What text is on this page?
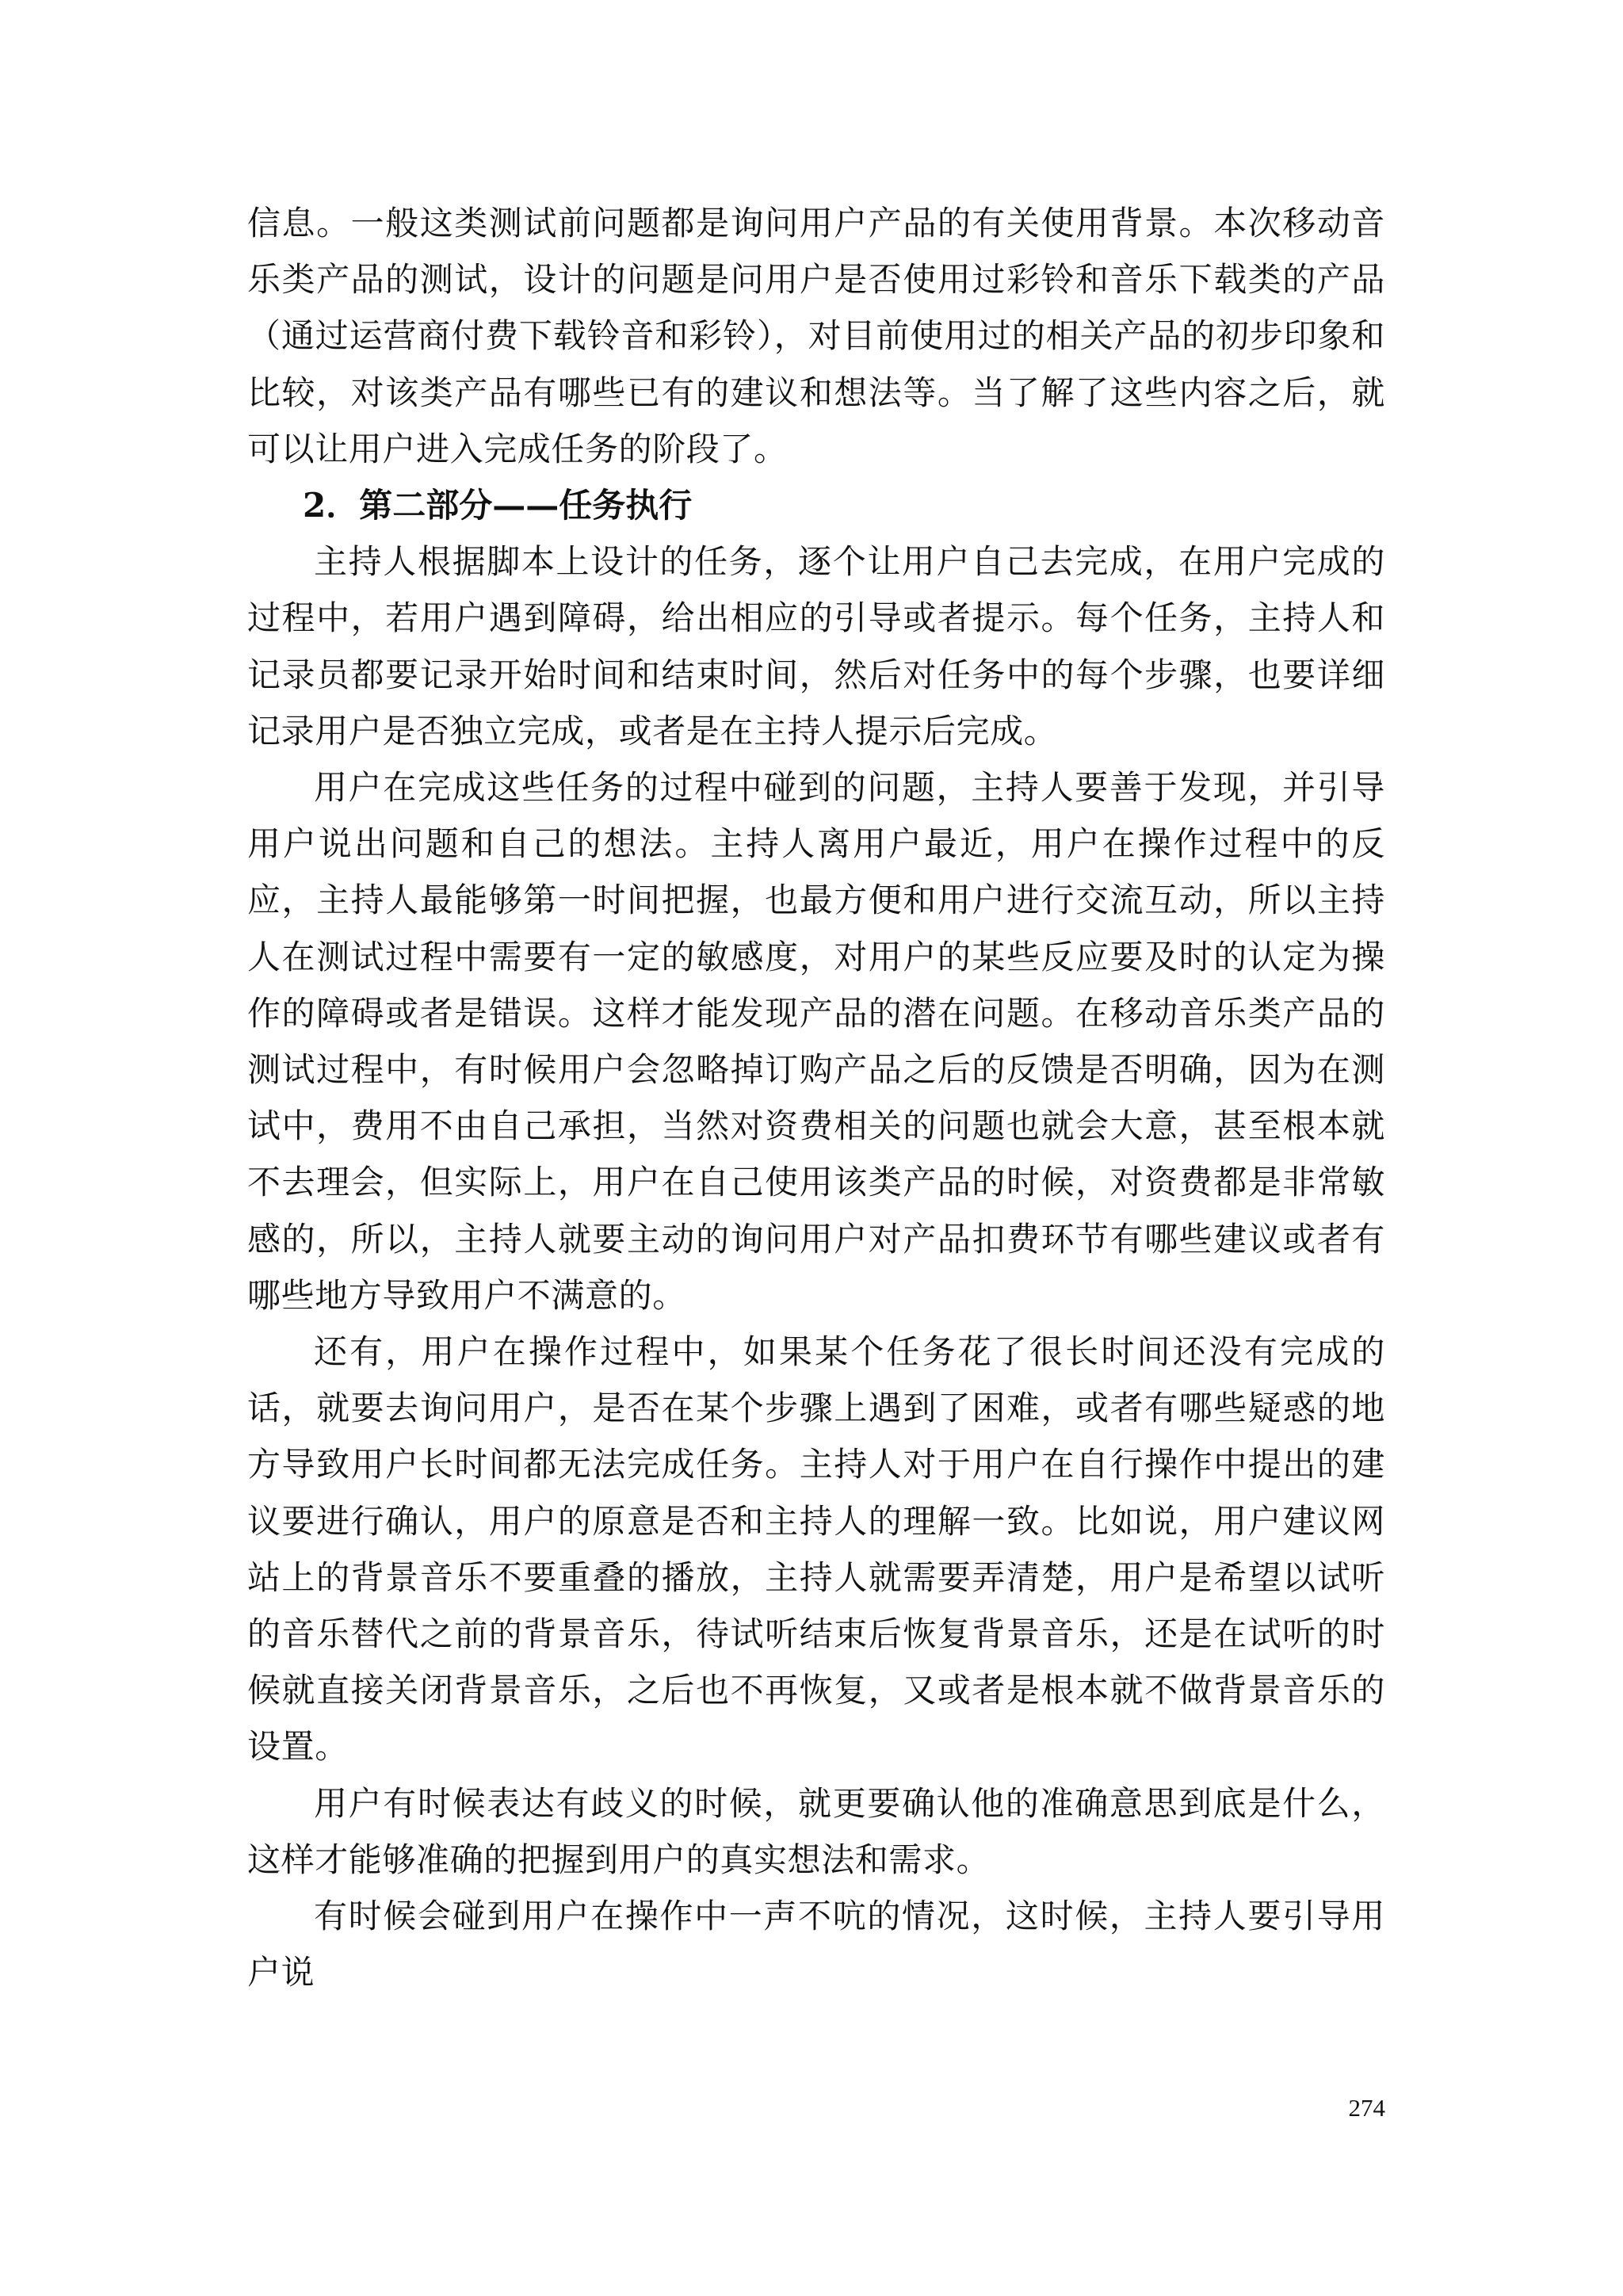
信息。一般这类测试前问题都是询问用户产品的有关使用背景。本次移动音乐类产品的测试，设计的问题是问用户是否使用过彩铃和音乐下载类的产品（通过运营商付费下载铃音和彩铃），对目前使用过的相关产品的初步印象和比较，对该类产品有哪些已有的建议和想法等。当了解了这些内容之后，就可以让用户进入完成任务的阶段了。

2．第二部分——任务执行

主持人根据脚本上设计的任务，逐个让用户自己去完成，在用户完成的过程中，若用户遇到障碍，给出相应的引导或者提示。每个任务，主持人和记录员都要记录开始时间和结束时间，然后对任务中的每个步骤，也要详细记录用户是否独立完成，或者是在主持人提示后完成。

用户在完成这些任务的过程中碰到的问题，主持人要善于发现，并引导用户说出问题和自己的想法。主持人离用户最近，用户在操作过程中的反应，主持人最能够第一时间把握，也最方便和用户进行交流互动，所以主持人在测试过程中需要有一定的敏感度，对用户的某些反应要及时的认定为操作的障碍或者是错误。这样才能发现产品的潜在问题。在移动音乐类产品的测试过程中，有时候用户会忽略掉订购产品之后的反馈是否明确，因为在测试中，费用不由自己承担，当然对资费相关的问题也就会大意，甚至根本就不去理会，但实际上，用户在自己使用该类产品的时候，对资费都是非常敏感的，所以，主持人就要主动的询问用户对产品扣费环节有哪些建议或者有哪些地方导致用户不满意的。

还有，用户在操作过程中，如果某个任务花了很长时间还没有完成的话，就要去询问用户，是否在某个步骤上遇到了困难，或者有哪些疑惑的地方导致用户长时间都无法完成任务。主持人对于用户在自行操作中提出的建议要进行确认，用户的原意是否和主持人的理解一致。比如说，用户建议网站上的背景音乐不要重叠的播放，主持人就需要弄清楚，用户是希望以试听的音乐替代之前的背景音乐，待试听结束后恢复背景音乐，还是在试听的时候就直接关闭背景音乐，之后也不再恢复，又或者是根本就不做背景音乐的设置。

用户有时候表达有歧义的时候，就更要确认他的准确意思到底是什么，这样才能够准确的把握到用户的真实想法和需求。

有时候会碰到用户在操作中一声不吭的情况，这时候，主持人要引导用户说

274
